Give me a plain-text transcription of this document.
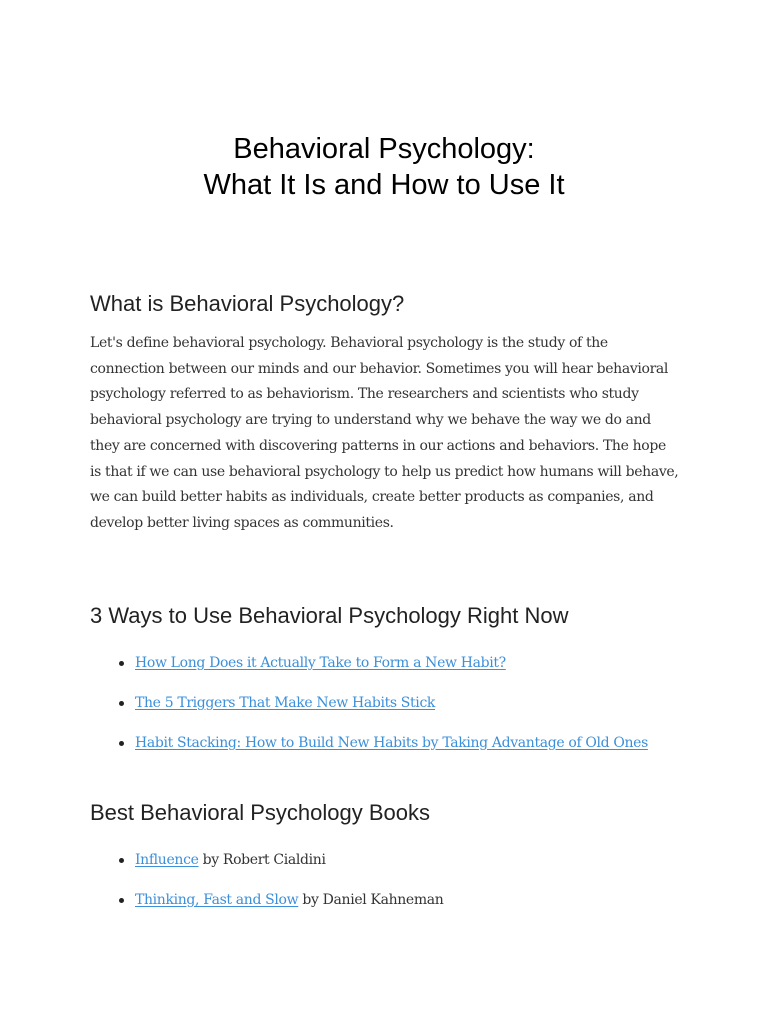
Behavioral Psychology:
What It Is and How to Use It
What is Behavioral Psychology?

Let's define behavioral psychology. Behavioral psychology is the study of the connection between our minds and our behavior. Sometimes you will hear behavioral psychology referred to as behaviorism. The researchers and scientists who study behavioral psychology are trying to understand why we behave the way we do and they are concerned with discovering patterns in our actions and behaviors. The hope is that if we can use behavioral psychology to help us predict how humans will behave, we can build better habits as individuals, create better products as companies, and develop better living spaces as communities.

3 Ways to Use Behavioral Psychology Right Now
How Long Does it Actually Take to Form a New Habit?
The 5 Triggers That Make New Habits Stick
Habit Stacking: How to Build New Habits by Taking Advantage of Old Ones
Best Behavioral Psychology Books
Influence by Robert Cialdini
Thinking, Fast and Slow by Daniel Kahneman
